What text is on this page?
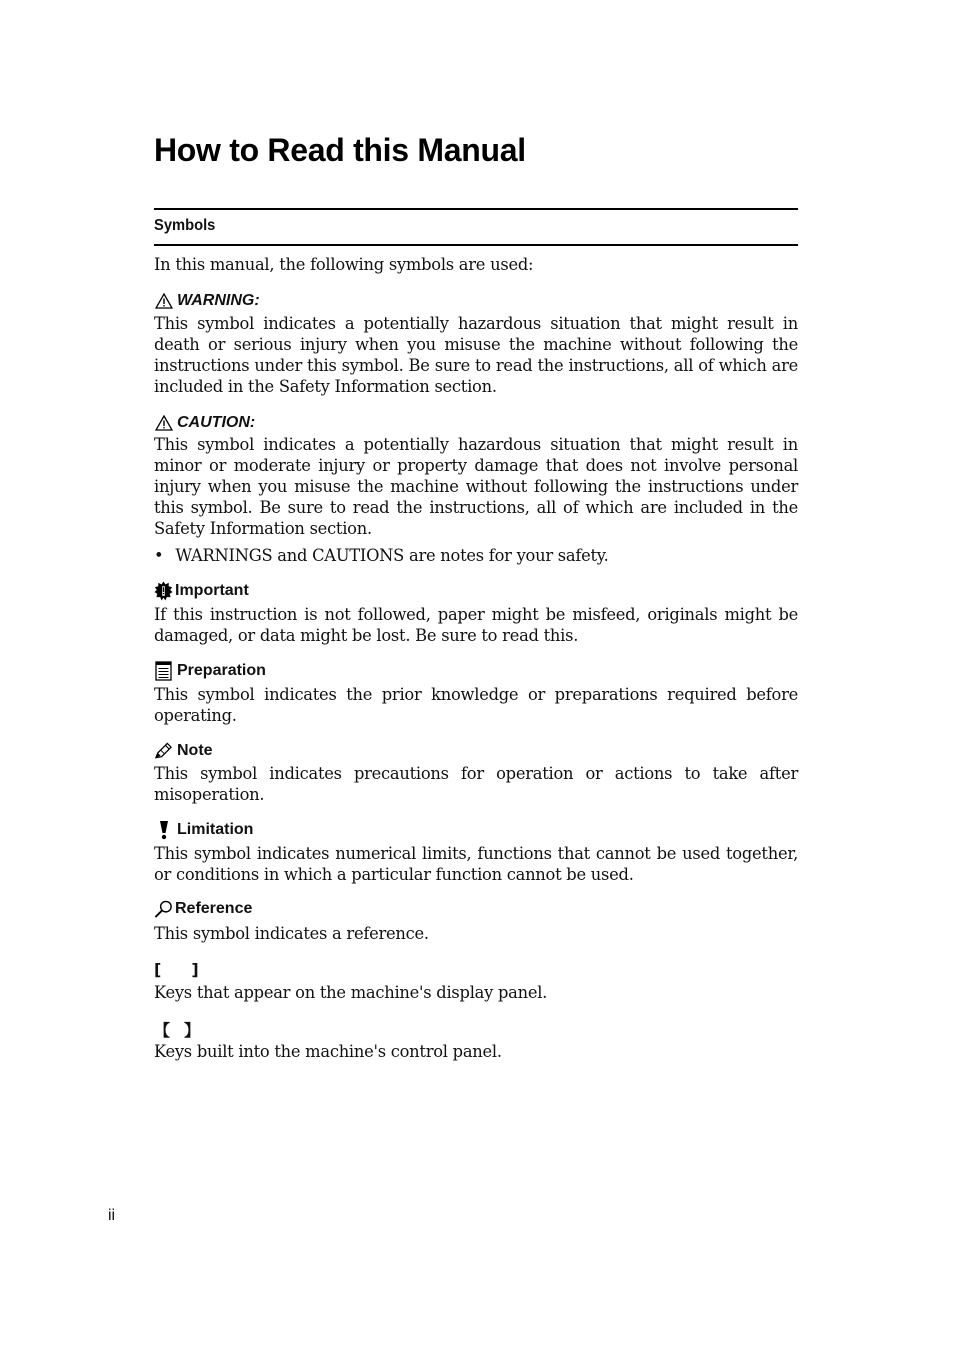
How to Read this Manual
Symbols

In this manual, the following symbols are used:

WARNING:

This symbol indicates a potentially hazardous situation that might result in death or serious injury when you misuse the machine without following the instructions under this symbol. Be sure to read the instructions, all of which are included in the Safety Information section.

CAUTION:

This symbol indicates a potentially hazardous situation that might result in minor or moderate injury or property damage that does not involve personal injury when you misuse the machine without following the instructions under this symbol. Be sure to read the instructions, all of which are included in the Safety Information section.

• WARNINGS and CAUTIONS are notes for your safety.
Important

If this instruction is not followed, paper might be misfeed, originals might be damaged, or data might be lost. Be sure to read this.

Preparation

This symbol indicates the prior knowledge or preparations required before operating.

Note

This symbol indicates precautions for operation or actions to take after misoperation.

Limitation

This symbol indicates numerical limits, functions that cannot be used together, or conditions in which a particular function cannot be used.

Reference

This symbol indicates a reference.

[ ]

Keys that appear on the machine's display panel.

【 】

Keys built into the machine's control panel.

ii
